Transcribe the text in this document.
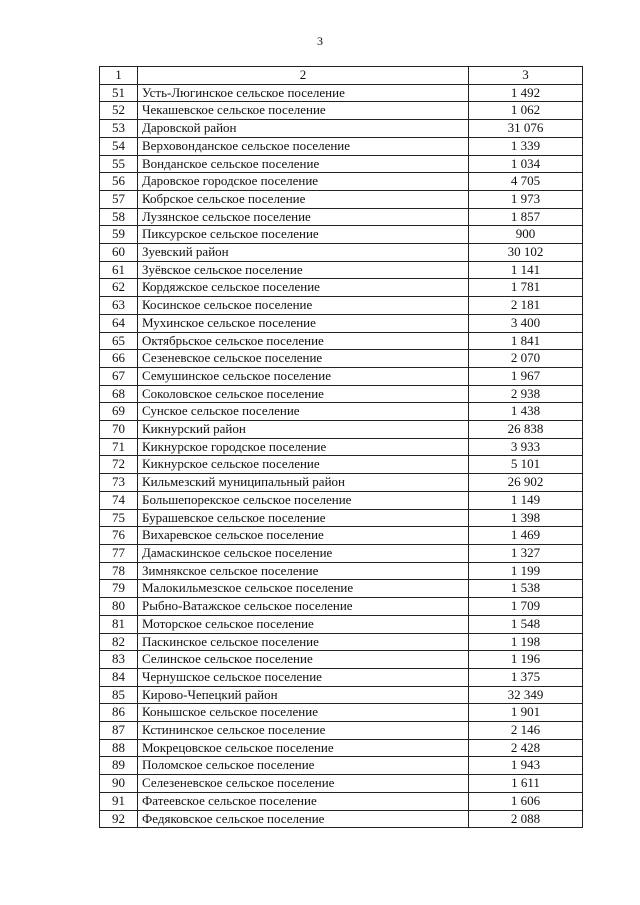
3
1	2	3
51	Усть-Люгинское сельское поселение	1 492
52	Чекашевское сельское поселение	1 062
53	Даровской район	31 076
54	Верховонданское сельское поселение	1 339
55	Вонданское сельское поселение	1 034
56	Даровское городское поселение	4 705
57	Кобрское сельское поселение	1 973
58	Лузянское сельское поселение	1 857
59	Пиксурское сельское поселение	900
60	Зуевский район	30 102
61	Зуёвское сельское поселение	1 141
62	Кордяжское сельское поселение	1 781
63	Косинское сельское поселение	2 181
64	Мухинское сельское поселение	3 400
65	Октябрьское сельское поселение	1 841
66	Сезеневское сельское поселение	2 070
67	Семушинское сельское поселение	1 967
68	Соколовское сельское поселение	2 938
69	Сунское сельское поселение	1 438
70	Кикнурский район	26 838
71	Кикнурское городское поселение	3 933
72	Кикнурское сельское поселение	5 101
73	Кильмезский муниципальный район	26 902
74	Большепорекское сельское поселение	1 149
75	Бурашевское сельское поселение	1 398
76	Вихаревское сельское поселение	1 469
77	Дамаскинское сельское поселение	1 327
78	Зимнякское сельское поселение	1 199
79	Малокильмезское сельское поселение	1 538
80	Рыбно-Ватажское сельское поселение	1 709
81	Моторское сельское поселение	1 548
82	Паскинское сельское поселение	1 198
83	Селинское сельское поселение	1 196
84	Чернушское сельское поселение	1 375
85	Кирово-Чепецкий район	32 349
86	Конышское сельское поселение	1 901
87	Кстининское сельское поселение	2 146
88	Мокрецовское сельское поселение	2 428
89	Поломское сельское поселение	1 943
90	Селезеневское сельское поселение	1 611
91	Фатеевское сельское поселение	1 606
92	Федяковское сельское поселение	2 088
